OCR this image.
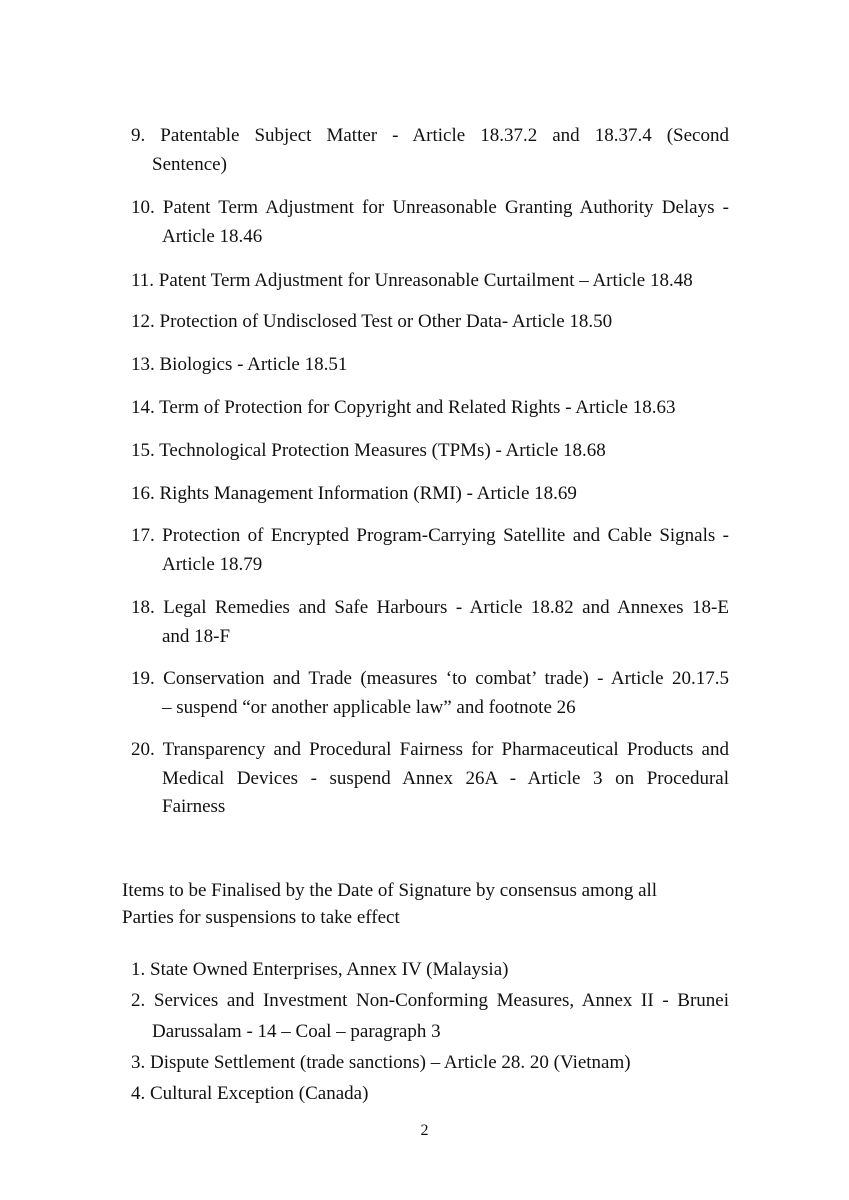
9. Patentable Subject Matter - Article 18.37.2 and 18.37.4 (Second
Sentence)
10. Patent Term Adjustment for Unreasonable Granting Authority Delays -
Article 18.46
11. Patent Term Adjustment for Unreasonable Curtailment – Article 18.48
12. Protection of Undisclosed Test or Other Data- Article 18.50
13. Biologics - Article 18.51
14. Term of Protection for Copyright and Related Rights - Article 18.63
15. Technological Protection Measures (TPMs) - Article 18.68
16. Rights Management Information (RMI) - Article 18.69
17. Protection of Encrypted Program-Carrying Satellite and Cable Signals -
Article 18.79
18. Legal Remedies and Safe Harbours - Article 18.82 and Annexes 18-E
and 18-F
19. Conservation and Trade (measures ‘to combat’ trade) - Article 20.17.5
– suspend “or another applicable law” and footnote 26
20. Transparency and Procedural Fairness for Pharmaceutical Products and
Medical Devices - suspend Annex 26A - Article 3 on Procedural
Fairness
Items to be Finalised by the Date of Signature by consensus among all
Parties for suspensions to take effect
1. State Owned Enterprises, Annex IV (Malaysia)
2. Services and Investment Non-Conforming Measures, Annex II - Brunei
Darussalam - 14 – Coal – paragraph 3
3. Dispute Settlement (trade sanctions) – Article 28. 20 (Vietnam)
4. Cultural Exception (Canada)
2
